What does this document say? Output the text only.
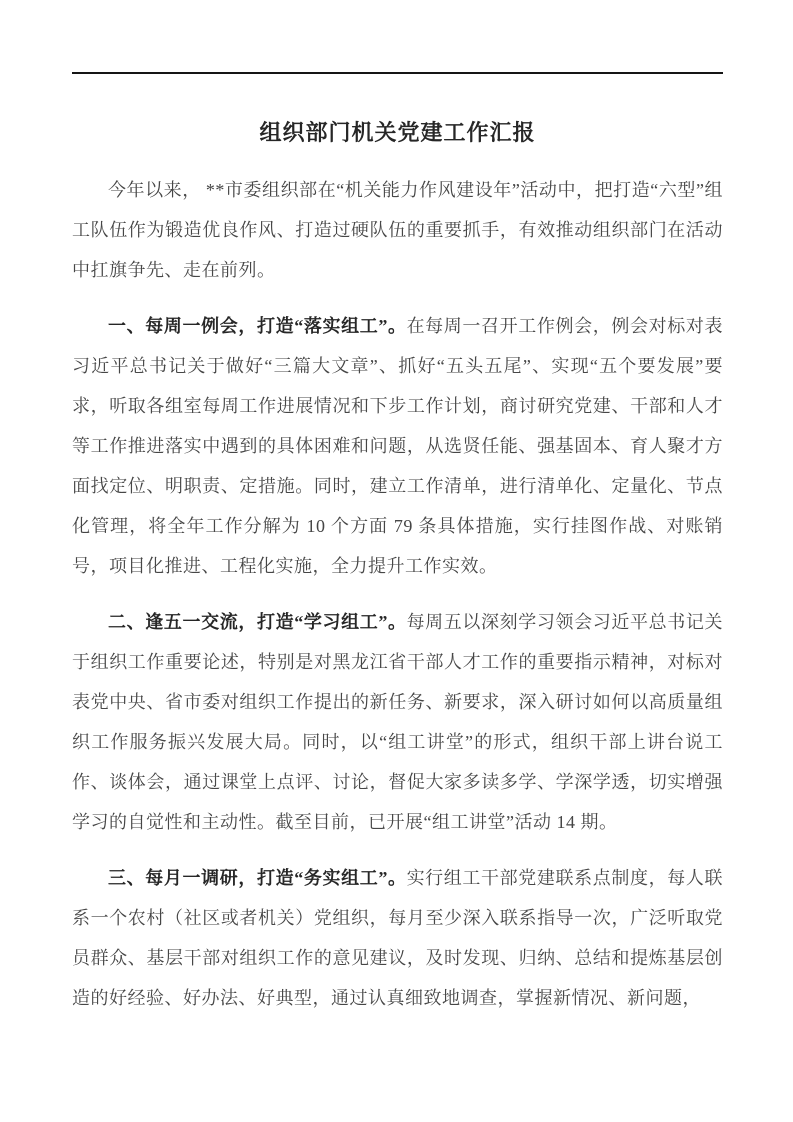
组织部门机关党建工作汇报

今年以来， **市委组织部在“机关能力作风建设年”活动中，把打造“六型”组工队伍作为锻造优良作风、打造过硬队伍的重要抓手，有效推动组织部门在活动中扛旗争先、走在前列。

一、每周一例会，打造“落实组工”。在每周一召开工作例会，例会对标对表习近平总书记关于做好“三篇大文章”、抓好“五头五尾”、实现“五个要发展”要求，听取各组室每周工作进展情况和下步工作计划，商讨研究党建、干部和人才等工作推进落实中遇到的具体困难和问题，从选贤任能、强基固本、育人聚才方面找定位、明职责、定措施。同时，建立工作清单，进行清单化、定量化、节点化管理，将全年工作分解为 10 个方面 79 条具体措施，实行挂图作战、对账销号，项目化推进、工程化实施，全力提升工作实效。

二、逢五一交流，打造“学习组工”。每周五以深刻学习领会习近平总书记关于组织工作重要论述，特别是对黑龙江省干部人才工作的重要指示精神，对标对表党中央、省市委对组织工作提出的新任务、新要求，深入研讨如何以高质量组织工作服务振兴发展大局。同时，以“组工讲堂”的形式，组织干部上讲台说工作、谈体会，通过课堂上点评、讨论，督促大家多读多学、学深学透，切实增强学习的自觉性和主动性。截至目前，已开展“组工讲堂”活动 14 期。

三、每月一调研，打造“务实组工”。实行组工干部党建联系点制度，每人联系一个农村（社区或者机关）党组织，每月至少深入联系指导一次，广泛听取党员群众、基层干部对组织工作的意见建议，及时发现、归纳、总结和提炼基层创造的好经验、好办法、好典型，通过认真细致地调查，掌握新情况、新问题，
